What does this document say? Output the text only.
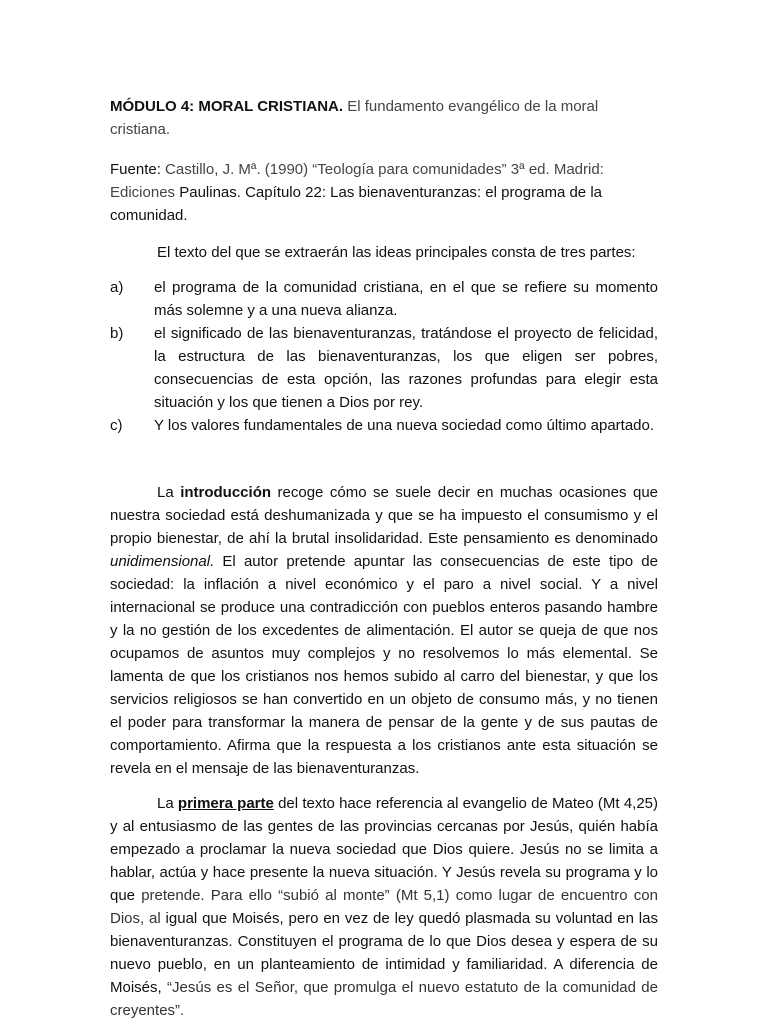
MÓDULO 4: MORAL CRISTIANA. El fundamento evangélico de la moral cristiana.

Fuente: Castillo, J. Mª. (1990) “Teología para comunidades” 3ª ed. Madrid: Ediciones Paulinas. Capítulo 22: Las bienaventuranzas: el programa de la comunidad.

El texto del que se extraerán las ideas principales consta de tres partes:

a) el programa de la comunidad cristiana, en el que se refiere su momento más solemne y a una nueva alianza.
b) el significado de las bienaventuranzas, tratándose el proyecto de felicidad, la estructura de las bienaventuranzas, los que eligen ser pobres, consecuencias de esta opción, las razones profundas para elegir esta situación y los que tienen a Dios por rey.
c) Y los valores fundamentales de una nueva sociedad como último apartado.

La introducción recoge cómo se suele decir en muchas ocasiones que nuestra sociedad está deshumanizada y que se ha impuesto el consumismo y el propio bienestar, de ahí la brutal insolidaridad. Este pensamiento es denominado unidimensional. El autor pretende apuntar las consecuencias de este tipo de sociedad: la inflación a nivel económico y el paro a nivel social. Y a nivel internacional se produce una contradicción con pueblos enteros pasando hambre y la no gestión de los excedentes de alimentación. El autor se queja de que nos ocupamos de asuntos muy complejos y no resolvemos lo más elemental. Se lamenta de que los cristianos nos hemos subido al carro del bienestar, y que los servicios religiosos se han convertido en un objeto de consumo más, y no tienen el poder para transformar la manera de pensar de la gente y de sus pautas de comportamiento. Afirma que la respuesta a los cristianos ante esta situación se revela en el mensaje de las bienaventuranzas.

La primera parte del texto hace referencia al evangelio de Mateo (Mt 4,25) y al entusiasmo de las gentes de las provincias cercanas por Jesús, quién había empezado a proclamar la nueva sociedad que Dios quiere. Jesús no se limita a hablar, actúa y hace presente la nueva situación. Y Jesús revela su programa y lo que pretende. Para ello “subió al monte” (Mt 5,1) como lugar de encuentro con Dios, al igual que Moisés, pero en vez de ley quedó plasmada su voluntad en las bienaventuranzas. Constituyen el programa de lo que Dios desea y espera de su nuevo pueblo, en un planteamiento de intimidad y familiaridad. A diferencia de Moisés, “Jesús es el Señor, que promulga el nuevo estatuto de la comunidad de creyentes”.
